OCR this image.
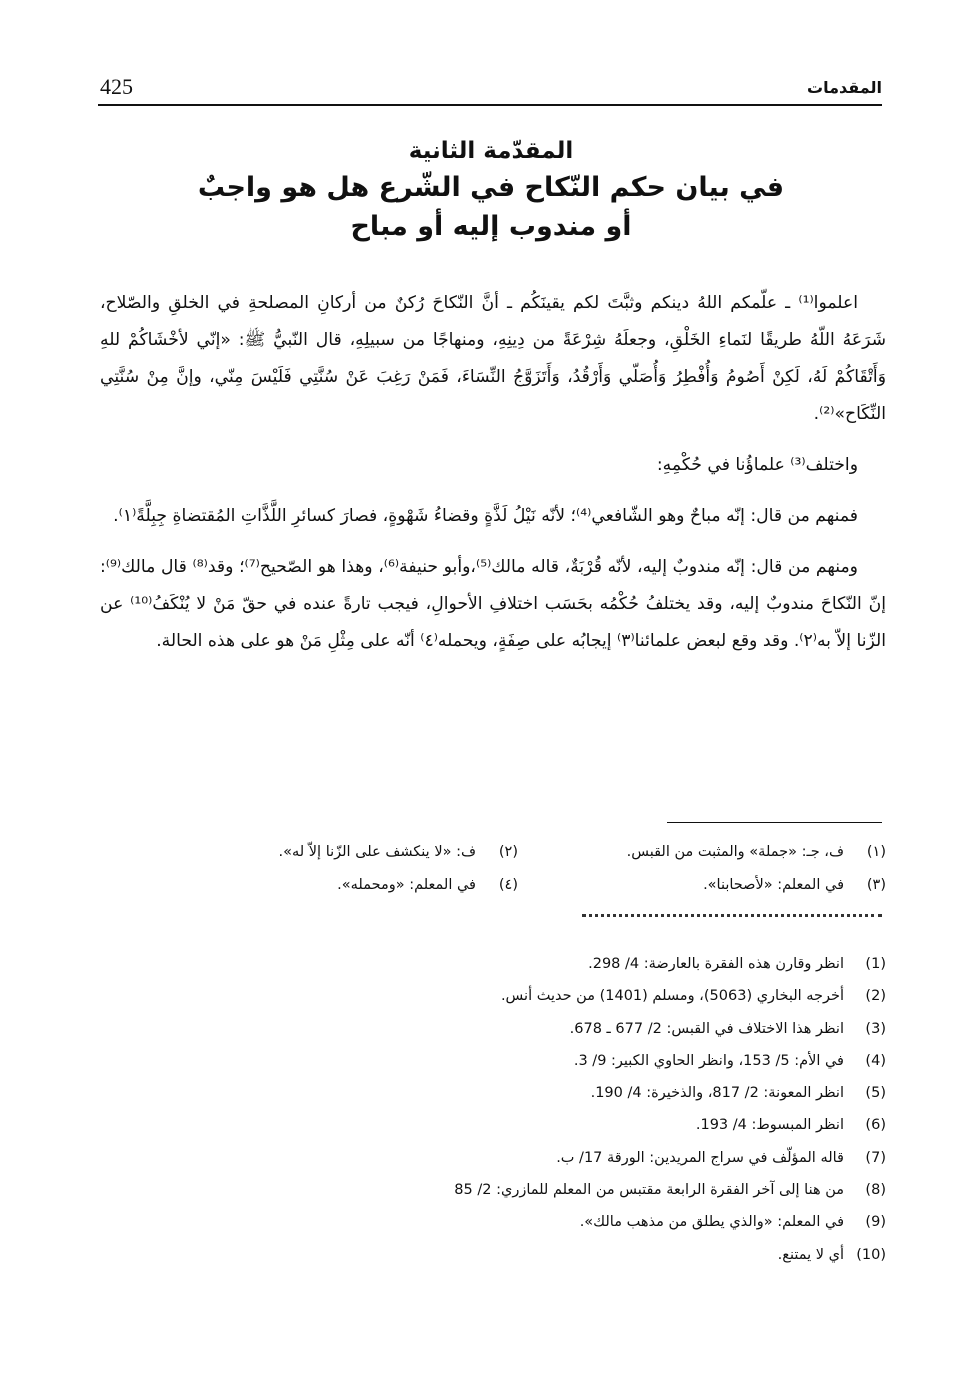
425	المقدمات

المقدّمة الثانية

في بيان حكم النّكاح في الشّرع هل هو واجبٌ

أو مندوب إليه أو مباح

اعلموا⁽¹⁾ ـ علّمكم اللهُ دينكم وثبَّتَ لكم يقينَكُم ـ أنَّ النّكاحَ رُكنٌ من أركانِ المصلحةِ في الخلقِ والصّلاح، شَرَعَهُ اللّهُ طريقًا لنَماءِ الخَلْقِ، وجعلَهُ شِرْعَةً من دِينِهِ، ومنهاجًا من سبيلِهِ، قال النّبيُّ ﷺ: «إنّي لأخْشَاكُمْ للهِ وَأَتْقَاكُمْ لَهُ، لَكِنْ أَصُومُ وَأُفْطِرُ وَأُصَلّي وَأَرْقُدُ، وَأَتَزَوَّجُ النِّسَاءَ، فَمَنْ رَغِبَ عَنْ سُنَّتِي فَلَيْسَ مِنّي، وإنَّ مِنْ سُنَّتِي النِّكَاح»⁽²⁾.

واختلف⁽³⁾ علماؤُنا في حُكْمِهِ:

فمنهم من قال: إنّه مباحٌ وهو الشّافعي⁽⁴⁾؛ لأنّه نَيْلُ لَذَّةٍ وقضاءُ شَهْوةٍ، فصارَ كسائرِ اللَّذَّاتِ المُقتضاةِ جِبِلَّةً⁽١⁾.

ومنهم من قال: إنّه مندوبٌ إليه، لأنّه قُرْبَةٌ، قاله مالك⁽⁵⁾،وأبو حنيفة⁽⁶⁾، وهذا هو الصّحيح⁽⁷⁾؛ وقد⁽⁸⁾ قال مالك⁽⁹⁾: إنّ النّكاحَ مندوبٌ إليه، وقد يختلفُ حُكْمُه بحَسَب اختلافِ الأحوالِ، فيجب تارةً عنده في حقّ مَنْ لا يُنْكَفُ⁽¹⁰⁾ عن الزّنا إلاّ به⁽٢⁾. وقد وقع لبعض علمائنا⁽٣⁾ إيجابُه على صِفَةٍ، ويحمله⁽٤⁾ أنّه على مِثْلِ مَنْ هو على هذه الحالة.

(١)
ف، جـ: «جملة» والمثبت من القبس.
(٢)
ف: «لا ينكشف على الزّنا إلاّ له».
(٣)
في المعلم: «لأصحابنا».
(٤)
في المعلم: «ومحمله».
(1)
انظر وقارن هذه الفقرة بالعارضة: 4/ 298.
(2)
أخرجه البخاري (5063)، ومسلم (1401) من حديث أنس.
(3)
انظر هذا الاختلاف في القبس: 2/ 677 ـ 678.
(4)
في الأم: 5/ 153، وانظر الحاوي الكبير: 9/ 3.
(5)
انظر المعونة: 2/ 817، والذخيرة: 4/ 190.
(6)
انظر المبسوط: 4/ 193.
(7)
قاله المؤلّف في سراج المريدين: الورقة 17/ ب.
(8)
من هنا إلى آخر الفقرة الرابعة مقتبس من المعلم للمازري: 2/ 85
(9)
في المعلم: «والذي يطلق من مذهب مالك».
(10)
أي لا يمتنع.
